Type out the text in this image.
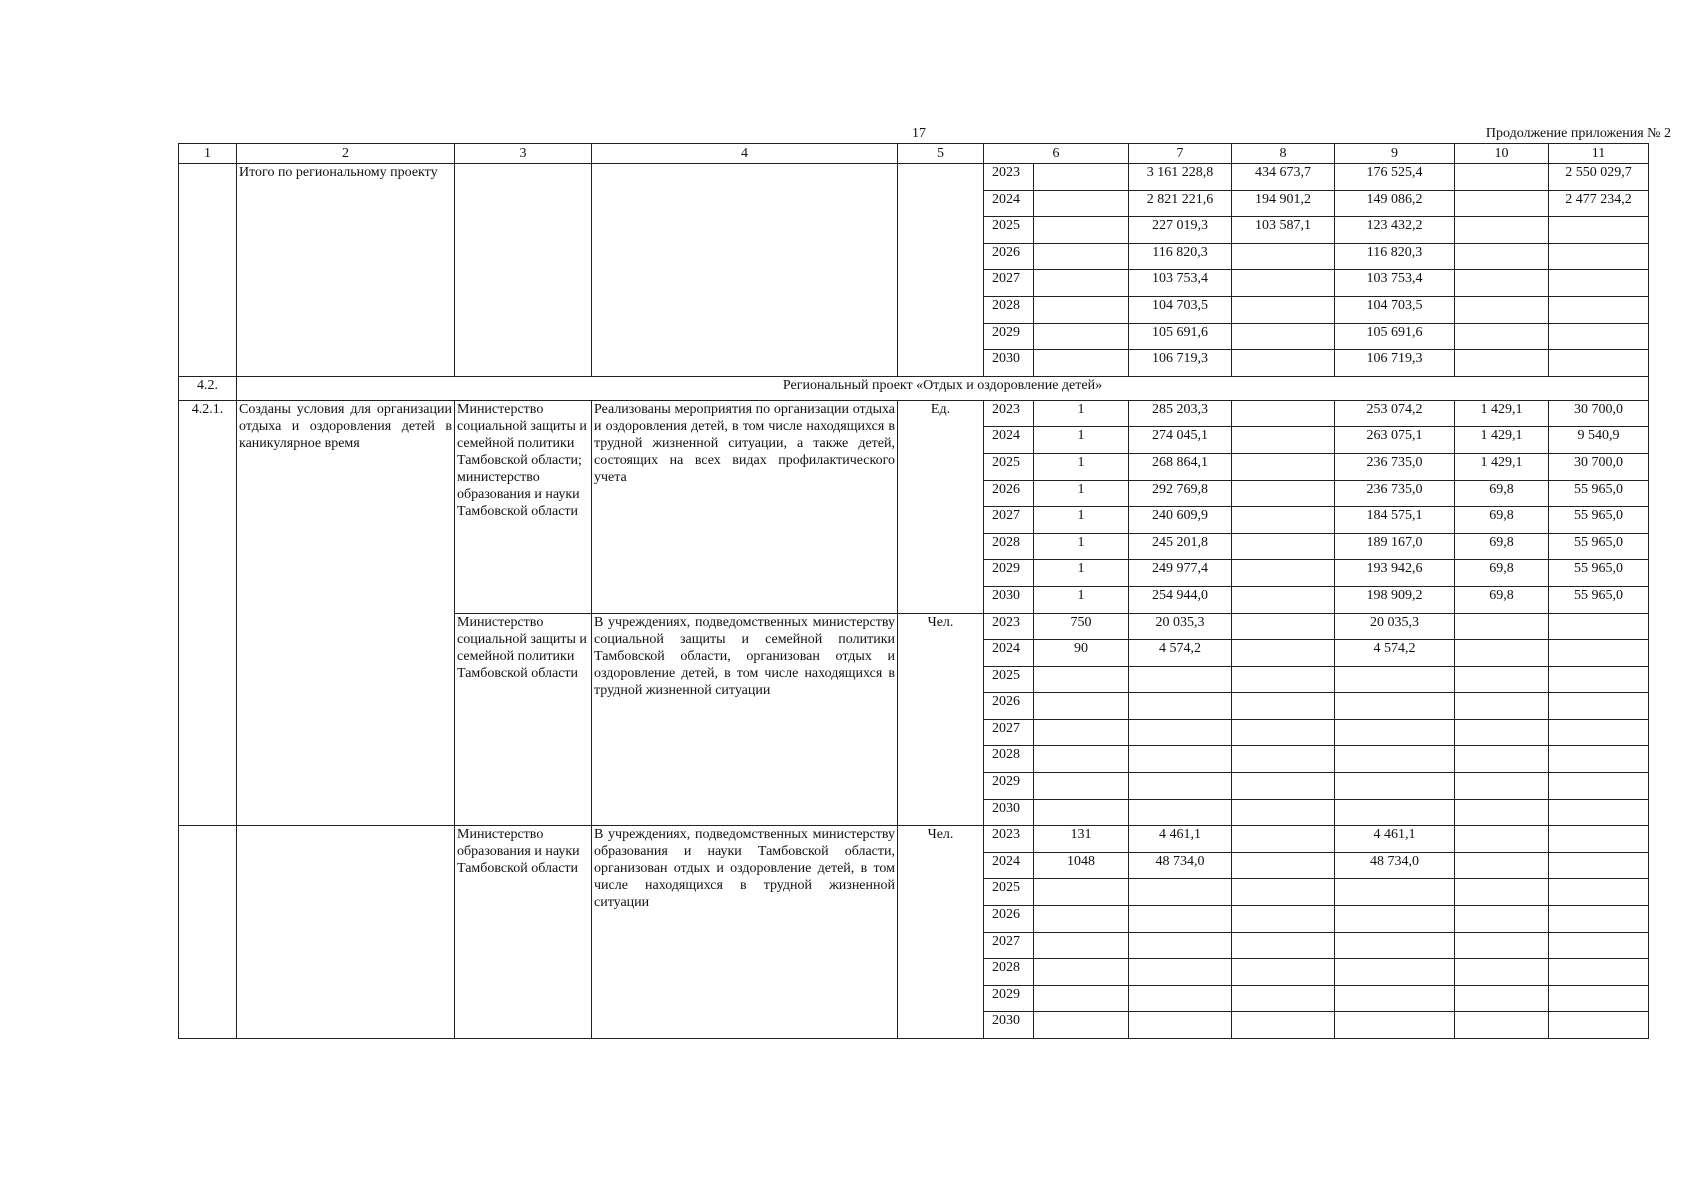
17	Продолжение приложения № 2
1	2	3	4	5	6		7	8	9	10	11
	Итого по региональному проекту				2023		3 161 228,8	434 673,7	176 525,4		2 550 029,7
					2024		2 821 221,6	194 901,2	149 086,2		2 477 234,2
					2025		227 019,3	103 587,1	123 432,2		
					2026		116 820,3		116 820,3		
					2027		103 753,4		103 753,4		
					2028		104 703,5		104 703,5		
					2029		105 691,6		105 691,6		
					2030		106 719,3		106 719,3		
4.2.	Региональный проект «Отдых и оздоровление детей»										
4.2.1.	Созданы условия для организации отдыха и оздоровления детей в каникулярное время	Министерство социальной защиты и семейной политики Тамбовской области; министерство образования и науки Тамбовской области	Реализованы мероприятия по организации отдыха и оздоровления детей, в том числе находящихся в трудной жизненной ситуации, а также детей, состоящих на всех видах профилактического учета	Ед.	2023	1	285 203,3		253 074,2	1 429,1	30 700,0
					2024	1	274 045,1		263 075,1	1 429,1	9 540,9
					2025	1	268 864,1		236 735,0	1 429,1	30 700,0
					2026	1	292 769,8		236 735,0	69,8	55 965,0
					2027	1	240 609,9		184 575,1	69,8	55 965,0
					2028	1	245 201,8		189 167,0	69,8	55 965,0
					2029	1	249 977,4		193 942,6	69,8	55 965,0
					2030	1	254 944,0		198 909,2	69,8	55 965,0
		Министерство социальной защиты и семейной политики Тамбовской области	В учреждениях, подведомственных министерству социальной защиты и семейной политики Тамбовской области, организован отдых и оздоровление детей, в том числе находящихся в трудной жизненной ситуации	Чел.	2023	750	20 035,3		20 035,3		
					2024	90	4 574,2		4 574,2		
					2025						
					2026						
					2027						
					2028						
					2029						
					2030						
		Министерство образования и науки Тамбовской области	В учреждениях, подведомственных министерству образования и науки Тамбовской области, организован отдых и оздоровление детей, в том числе находящихся в трудной жизненной ситуации	Чел.	2023	131	4 461,1		4 461,1		
					2024	1048	48 734,0		48 734,0		
					2025						
					2026						
					2027						
					2028						
					2029						
					2030						
